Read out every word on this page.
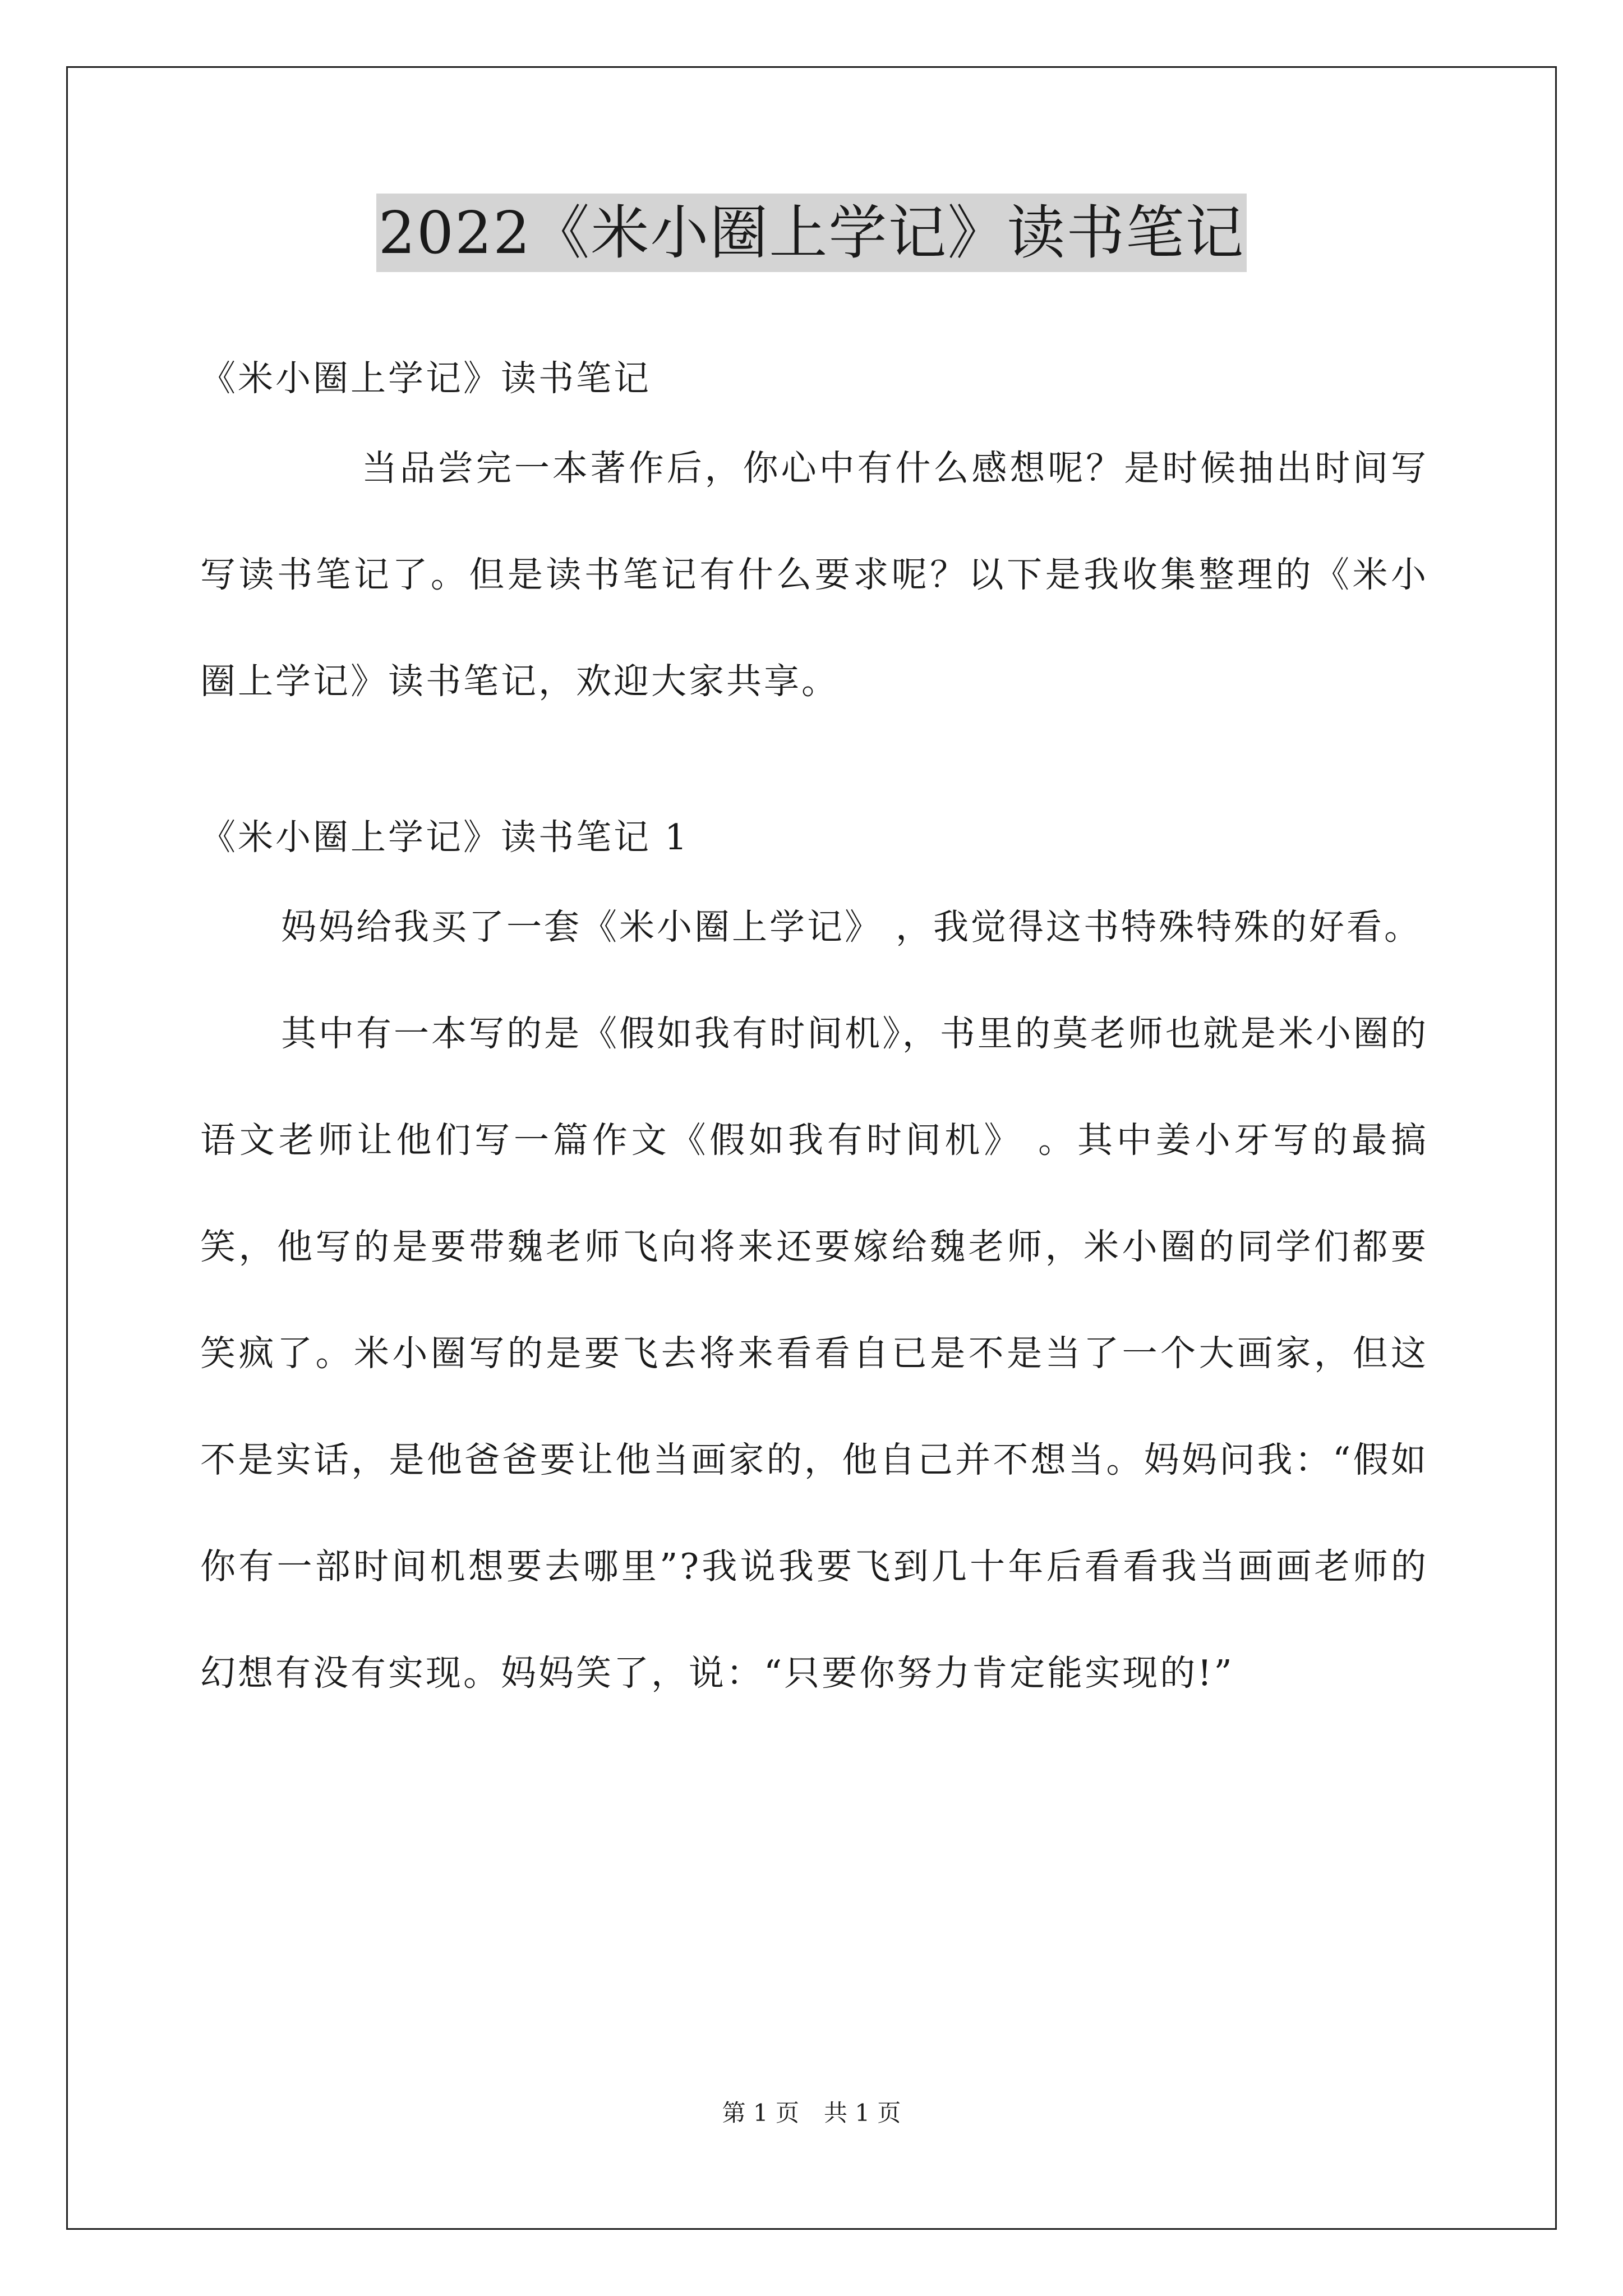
2022《米小圈上学记》读书笔记

《米小圈上学记》读书笔记

当品尝完一本著作后，你心中有什么感想呢？是时候抽出时间写写读书笔记了。但是读书笔记有什么要求呢？以下是我收集整理的《米小圈上学记》读书笔记，欢迎大家共享。

《米小圈上学记》读书笔记 1

妈妈给我买了一套《米小圈上学记》 ，我觉得这书特殊特殊的好看。

其中有一本写的是《假如我有时间机》，书里的莫老师也就是米小圈的语文老师让他们写一篇作文《假如我有时间机》 。其中姜小牙写的最搞笑，他写的是要带魏老师飞向将来还要嫁给魏老师，米小圈的同学们都要笑疯了。米小圈写的是要飞去将来看看自已是不是当了一个大画家，但这不是实话，是他爸爸要让他当画家的，他自己并不想当。妈妈问我：“假如你有一部时间机想要去哪里”?我说我要飞到几十年后看看我当画画老师的幻想有没有实现。妈妈笑了，说：“只要你努力肯定能实现的!”

第 1 页 共 1 页
